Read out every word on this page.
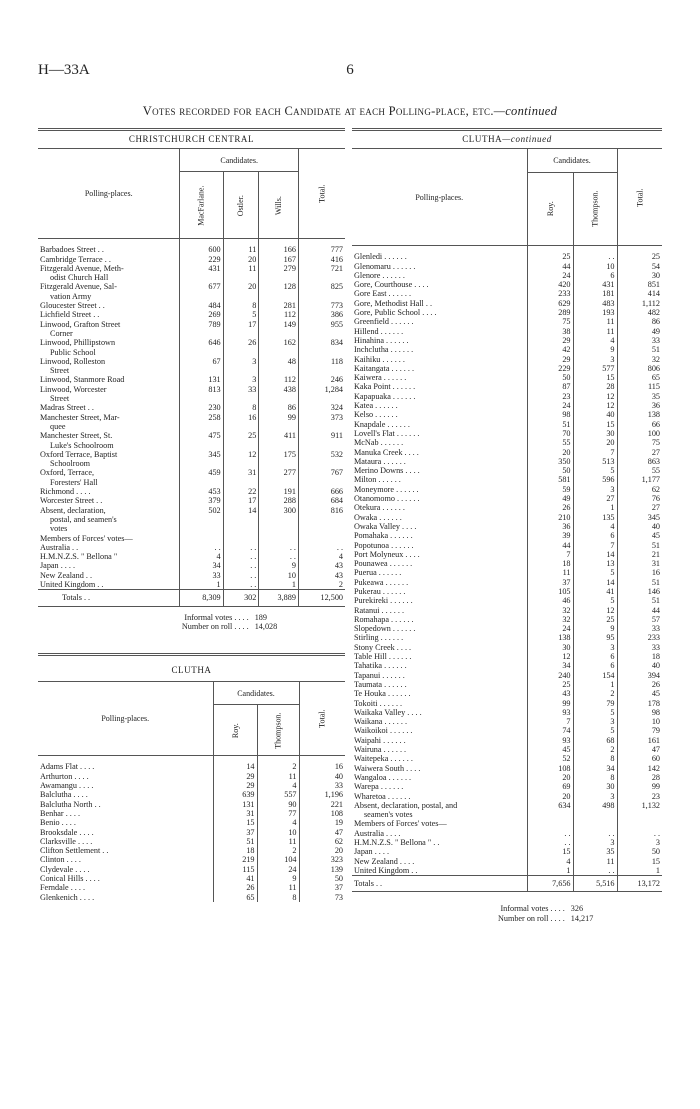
H—33A	6
Votes recorded for each Candidate at each Polling-place, etc.—continued
CHRISTCHURCH CENTRAL
Polling-places.	Candidates.			Total.
	MacFarlane.	Ostler.	Wills.	
Barbadoes Street . .	600	11	166	777
Cambridge Terrace . .	229	20	167	416
Fitzgerald Avenue, Meth-	431	11	279	721
odist Church Hall				
Fitzgerald Avenue, Sal-	677	20	128	825
vation Army				
Gloucester Street . .	484	8	281	773
Lichfield Street . .	269	5	112	386
Linwood, Grafton Street	789	17	149	955
Corner				
Linwood, Phillipstown	646	26	162	834
Public School				
Linwood, Rolleston	67	3	48	118
Street				
Linwood, Stanmore Road	131	3	112	246
Linwood, Worcester	813	33	438	1,284
Street				
Madras Street . .	230	8	86	324
Manchester Street, Mar-	258	16	99	373
quee				
Manchester Street, St.	475	25	411	911
Luke's Schoolroom				
Oxford Terrace, Baptist	345	12	175	532
Schoolroom				
Oxford, Terrace,	459	31	277	767
Foresters' Hall				
Richmond . . . .	453	22	191	666
Worcester Street . .	379	17	288	684
Absent, declaration,	502	14	300	816
postal, and seamen's				
votes				
Members of Forces' votes—				
Australia . .	. .	. .	. .	. .
H.M.N.Z.S. " Bellona "	4	. .	. .	4
Japan . . . .	34	. .	9	43
New Zealand . .	33	. .	10	43
United Kingdom . .	1	. .	1	2
Totals . .	8,309	302	3,889	12,500
Informal votes . . . . 189
Number on roll . . . . 14,028
CLUTHA
Polling-places.	Candidates.		Total.
	Roy.	Thompson.	
Adams Flat . . . .	14	2	16
Arthurton . . . .	29	11	40
Awamangu . . . .	29	4	33
Balclutha . . . .	639	557	1,196
Balclutha North . .	131	90	221
Benhar . . . .	31	77	108
Benio . . . .	15	4	19
Brooksdale . . . .	37	10	47
Clarksville . . . .	51	11	62
Clifton Settlement . .	18	2	20
Clinton . . . .	219	104	323
Clydevale . . . .	115	24	139
Conical Hills . . . .	41	9	50
Ferndale . . . .	26	11	37
Glenkenich . . . .	65	8	73
CLUTHA—continued
Polling-places.	Candidates.		Total.
	Roy.	Thompson.	
Glenledi . . . . . .	25	. .	25
Glenomaru . . . . . .	44	10	54
Glenore . . . . . .	24	6	30
Gore, Courthouse . . . .	420	431	851
Gore East . . . . . .	233	181	414
Gore, Methodist Hall . .	629	483	1,112
Gore, Public School . . . .	289	193	482
Greenfield . . . . . .	75	11	86
Hillend . . . . . .	38	11	49
Hinahina . . . . . .	29	4	33
Inchclutha . . . . . .	42	9	51
Kaihiku . . . . . .	29	3	32
Kaitangata . . . . . .	229	577	806
Kaiwera . . . . . .	50	15	65
Kaka Point . . . . . .	87	28	115
Kapapuaka . . . . . .	23	12	35
Katea . . . . . .	24	12	36
Kelso . . . . . .	98	40	138
Knapdale . . . . . .	51	15	66
Lovell's Flat . . . . . .	70	30	100
McNab . . . . . .	55	20	75
Manuka Creek . . . .	20	7	27
Mataura . . . . . .	350	513	863
Merino Downs . . . .	50	5	55
Milton . . . . . .	581	596	1,177
Moneymore . . . . . .	59	3	62
Otanomomo . . . . . .	49	27	76
Otekura . . . . . .	26	1	27
Owaka . . . . . .	210	135	345
Owaka Valley . . . .	36	4	40
Pomahaka . . . . . .	39	6	45
Popotunoa . . . . . .	44	7	51
Port Molyneux . . . .	7	14	21
Pounawea . . . . . .	18	13	31
Puerua . . . . . .	11	5	16
Pukeawa . . . . . .	37	14	51
Pukerau . . . . . .	105	41	146
Purekireki . . . . . .	46	5	51
Ratanui . . . . . .	32	12	44
Romahapa . . . . . .	32	25	57
Slopedown . . . . . .	24	9	33
Stirling . . . . . .	138	95	233
Stony Creek . . . .	30	3	33
Table Hill . . . . . .	12	6	18
Tahatika . . . . . .	34	6	40
Tapanui . . . . . .	240	154	394
Taumata . . . . . .	25	1	26
Te Houka . . . . . .	43	2	45
Tokoiti . . . . . .	99	79	178
Waikaka Valley . . . .	93	5	98
Waikana . . . . . .	7	3	10
Waikoikoi . . . . . .	74	5	79
Waipahi . . . . . .	93	68	161
Wairuna . . . . . .	45	2	47
Waitepeka . . . . . .	52	8	60
Waiwera South . . . .	108	34	142
Wangaloa . . . . . .	20	8	28
Warepa . . . . . .	69	30	99
Wharetoa . . . . . .	20	3	23
Absent, declaration, postal, and	634	498	1,132
seamen's votes			
Members of Forces' votes—			
Australia . . . .	. .	. .	. .
H.M.N.Z.S. " Bellona " . .	. .	3	3
Japan . . . .	15	35	50
New Zealand . . . .	4	11	15
United Kingdom . .	1	. .	1
Totals . .	7,656	5,516	13,172
Informal votes . . . . 326
Number on roll . . . . 14,217
